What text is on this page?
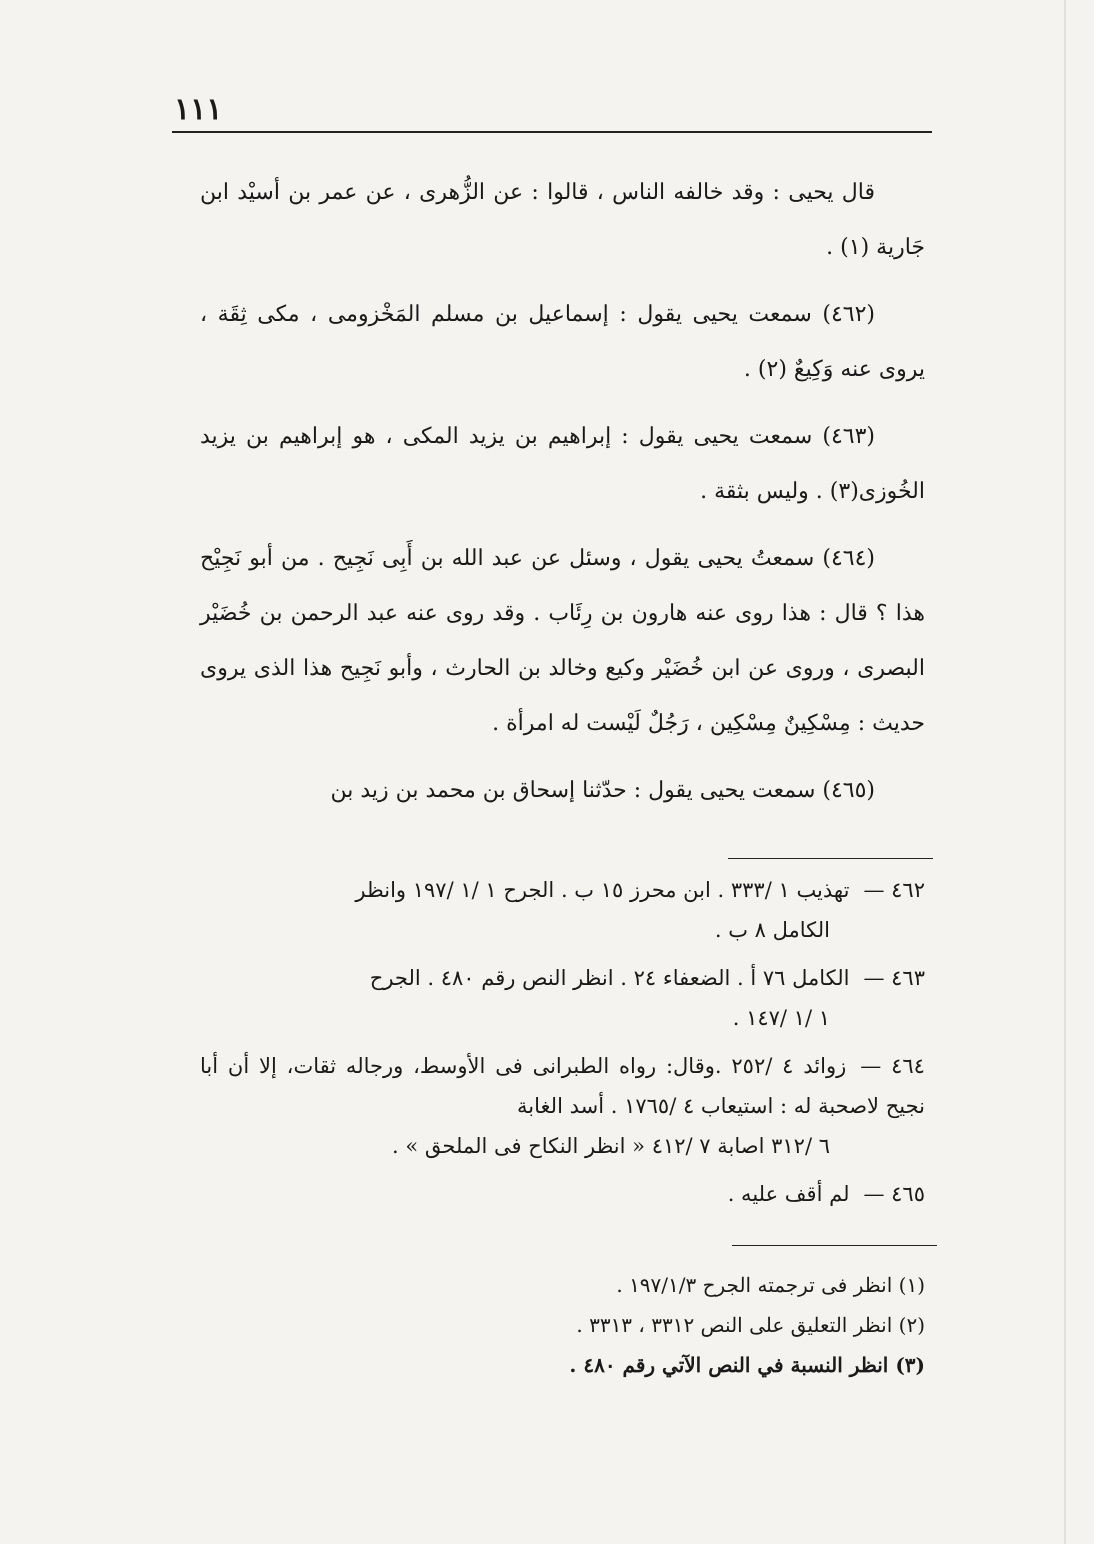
١١١

قال يحيى : وقد خالفه الناس ، قالوا : عن الزُّهرى ، عن عمر بن أسيْد ابن جَارية (١) .

(٤٦٢) سمعت يحيى يقول : إسماعيل بن مسلم المَخْزومى ، مكى ثِقَة ، يروى عنه وَكِيعٌ (٢) .

(٤٦٣) سمعت يحيى يقول : إبراهيم بن يزيد المكى ، هو إبراهيم بن يزيد الخُوزى(٣) . وليس بثقة .

(٤٦٤) سمعتُ يحيى يقول ، وسئل عن عبد الله بن أَبِى نَجِيح . من أبو نَجِيْح هذا ؟ قال : هذا روى عنه هارون بن رِئَاب . وقد روى عنه عبد الرحمن بن خُضَيْر البصرى ، وروى عن ابن خُضَيْر وكيع وخالد بن الحارث ، وأبو نَجِيح هذا الذى يروى حديث : مِسْكِينٌ مِسْكِين ، رَجُلٌ لَيْست له امرأة .

(٤٦٥) سمعت يحيى يقول : حدّثنا إسحاق بن محمد بن زيد بن

٤٦٢ —تهذيب ١ /٣٣٣ . ابن محرز ١٥ ب . الجرح ١ /١ /١٩٧ وانظر
الكامل ٨ ب .
٤٦٣ —الكامل ٧٦ أ . الضعفاء ٢٤ . انظر النص رقم ٤٨٠ . الجرح
١ /١ /١٤٧ .
٤٦٤ —زوائد ٤ /٢٥٢ .وقال: رواه الطبرانى فى الأوسط، ورجاله ثقات، إلا أن أبا نجيح لاصحبة له : استيعاب ٤ /١٧٦٥ . أسد الغابة
٦ /٣١٢ اصابة ٧ /٤١٢ « انظر النكاح فى الملحق » .
٤٦٥ —لم أقف عليه .

(١) انظر فى ترجمته الجرح ١٩٧/١/٣ .

(٢) انظر التعليق على النص ٣٣١٢ ، ٣٣١٣ .

(٣) انظر النسبة في النص الآتي رقم ٤٨٠ .
